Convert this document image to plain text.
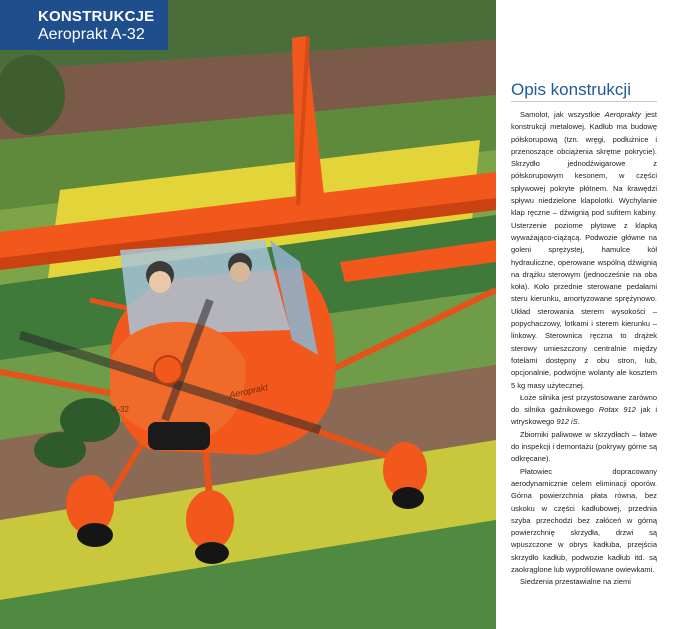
Aeroprakt
A-32
KONSTRUKCJE
Aeroprakt A-32
Opis konstrukcji

Samolot, jak wszystkie Aeroprakty jest konstrukcji metalowej. Kadłub ma budowę półskorupową (tzn. wręgi, podłużnice i przenoszące obciążenia skrętne pokrycie). Skrzydło jednodźwigarowe z półskorupowym kesonem, w części spływowej pokryte płótnem. Na krawędzi spływu niedzielone klapolotki. Wychylanie klap ręczne – dźwignią pod sufitem kabiny. Usterzenie poziome płytowe z klapką wyważająco-ciążącą. Podwozie główne na goleni sprężystej, hamulce kół hydrauliczne, operowane wspólną dźwignią na drążku sterowym (jednocześnie na oba koła). Koło przednie sterowane pedałami steru kierunku, amortyzowane sprężynowo. Układ sterowania sterem wysokości – popychaczowy, lotkami i sterem kierunku – linkowy. Sterownica ręczna to drążek sterowy umieszczony centralnie między fotelami dostępny z obu stron, lub, opcjonalnie, podwójne wolanty ale kosztem 5 kg masy użytecznej.

Łoże silnika jest przystosowane zarówno do silnika gaźnikowego Rotax 912 jak i wtryskowego 912 iS.

Zbiorniki paliwowe w skrzydłach – łatwe do inspekcji i demontażu (pokrywy górne są odkręcane).

Płatowiec dopracowany aerodynamicznie celem eliminacji oporów. Górna powierzchnia płata równa, bez uskoku w części kadłubowej, przednia szyba przechodzi bez załóceń w górną powierzchnię skrzydła, drzwi są wpuszczone w obrys kadłuba, przejścia skrzydło kadłub, podwozie kadłub itd. są zaokrąglone lub wyprofilowane owiewkami.

Siedzenia przestawialne na ziemi
